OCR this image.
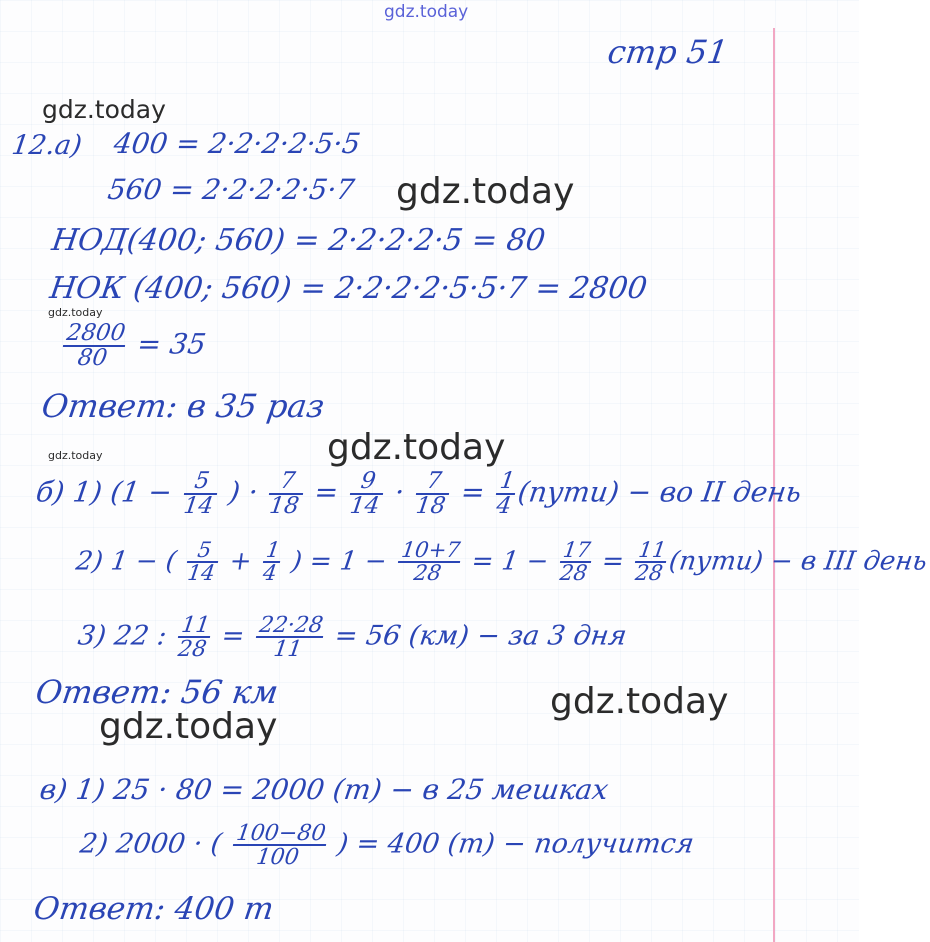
gdz.today
gdz.today
gdz.today
gdz.today
gdz.today
gdz.today
gdz.today
gdz.today
стр 51
12.a) 400 = 2·2·2·2·5·5
560 = 2·2·2·2·5·7
НОД(400; 560) = 2·2·2·2·5 = 80
НОК (400; 560) = 2·2·2·2·5·5·7 = 2800
$\frac{2800}{80} = 35$
Ответ: в 35 раз
б) 1) ($1 - \frac{5}{14}$ ) · $\frac{7}{18} = \frac{9}{14} \cdot \frac{7}{18} = \frac{1}{4}$
(пути) − во II день
2) 1 − ( $\frac{5}{14} + \frac{1}{4}$ ) = $1 - \frac{10+7}{28} = 1 - \frac{17}{28} = \frac{11}{28}$
(пути) − в III день
3) 22 : $\frac{11}{28} = \frac{22\cdot 28}{11} = 56$ (км) − за 3 дня
Ответ: 56 км
в) 1) 25 · 80 = 2000 (т) − в 25 мешках
2) 2000 · ( $\frac{100-80}{100}$ ) = 400 (т) − получится
Ответ: 400 т
